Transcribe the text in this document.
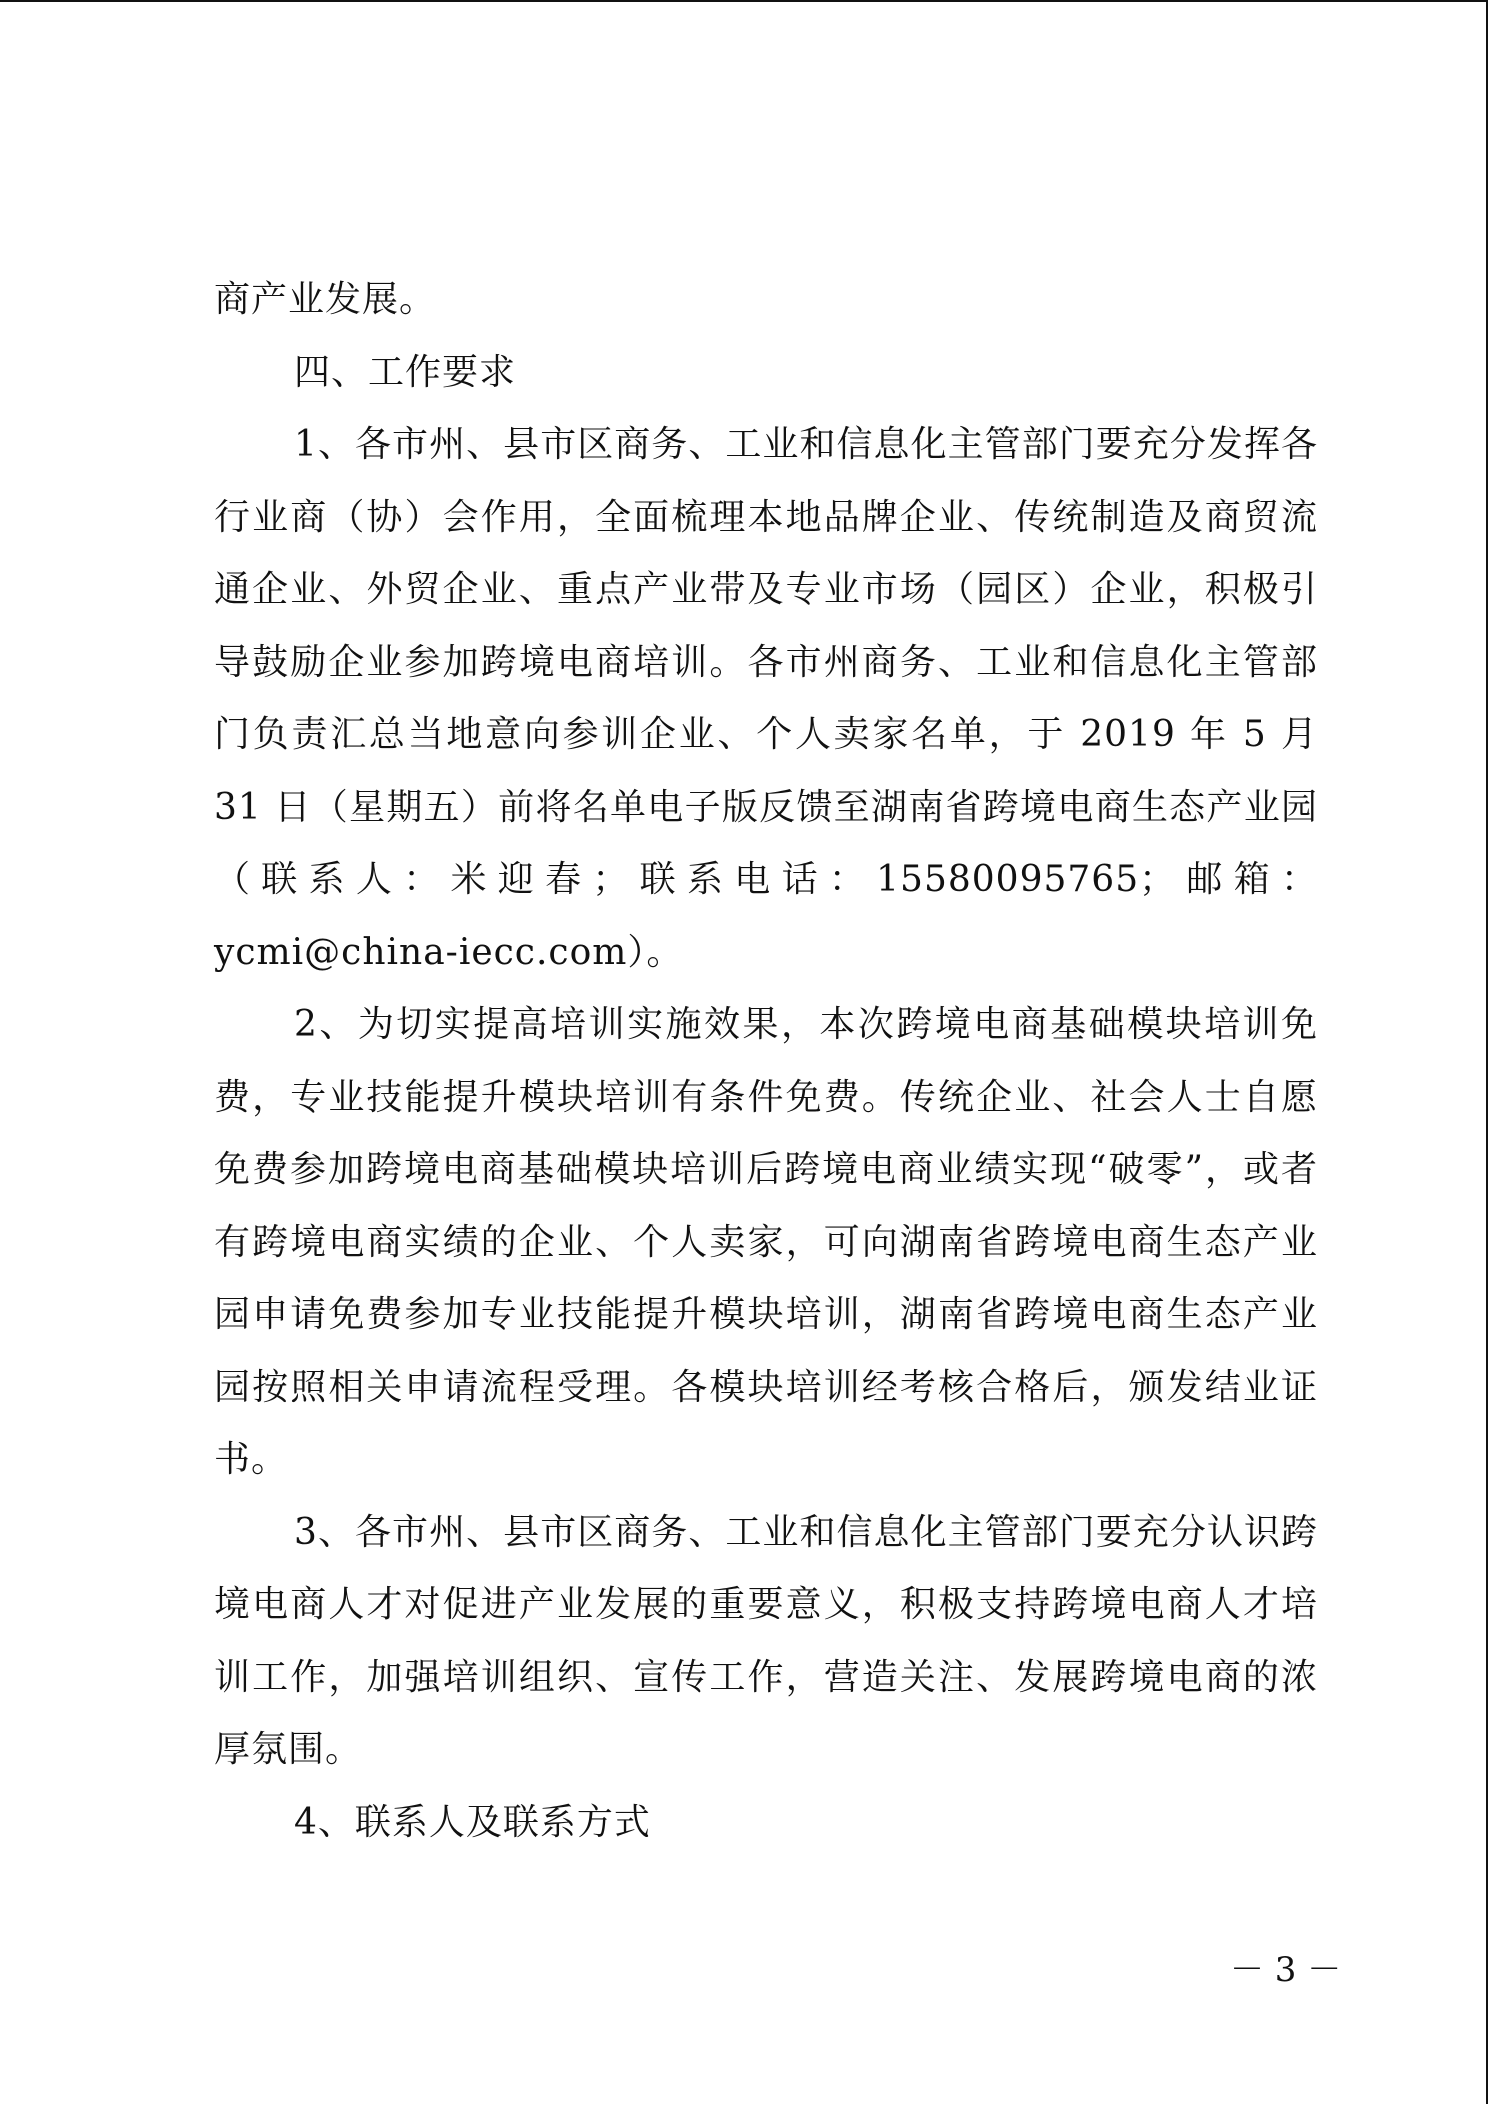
商产业发展。

四、工作要求

1、各市州、县市区商务、工业和信息化主管部门要充分发挥各行业商（协）会作用，全面梳理本地品牌企业、传统制造及商贸流通企业、外贸企业、重点产业带及专业市场（园区）企业，积极引导鼓励企业参加跨境电商培训。各市州商务、工业和信息化主管部门负责汇总当地意向参训企业、个人卖家名单，于 2019 年 5 月 31 日（星期五）前将名单电子版反馈至湖南省跨境电商生态产业园（联系人：米迎春；联系电话：15580095765；邮箱：ycmi@china-iecc.com）。

2、为切实提高培训实施效果，本次跨境电商基础模块培训免费，专业技能提升模块培训有条件免费。传统企业、社会人士自愿免费参加跨境电商基础模块培训后跨境电商业绩实现“破零”，或者有跨境电商实绩的企业、个人卖家，可向湖南省跨境电商生态产业园申请免费参加专业技能提升模块培训，湖南省跨境电商生态产业园按照相关申请流程受理。各模块培训经考核合格后，颁发结业证书。

3、各市州、县市区商务、工业和信息化主管部门要充分认识跨境电商人才对促进产业发展的重要意义，积极支持跨境电商人才培训工作，加强培训组织、宣传工作，营造关注、发展跨境电商的浓厚氛围。

4、联系人及联系方式

－ 3 －
